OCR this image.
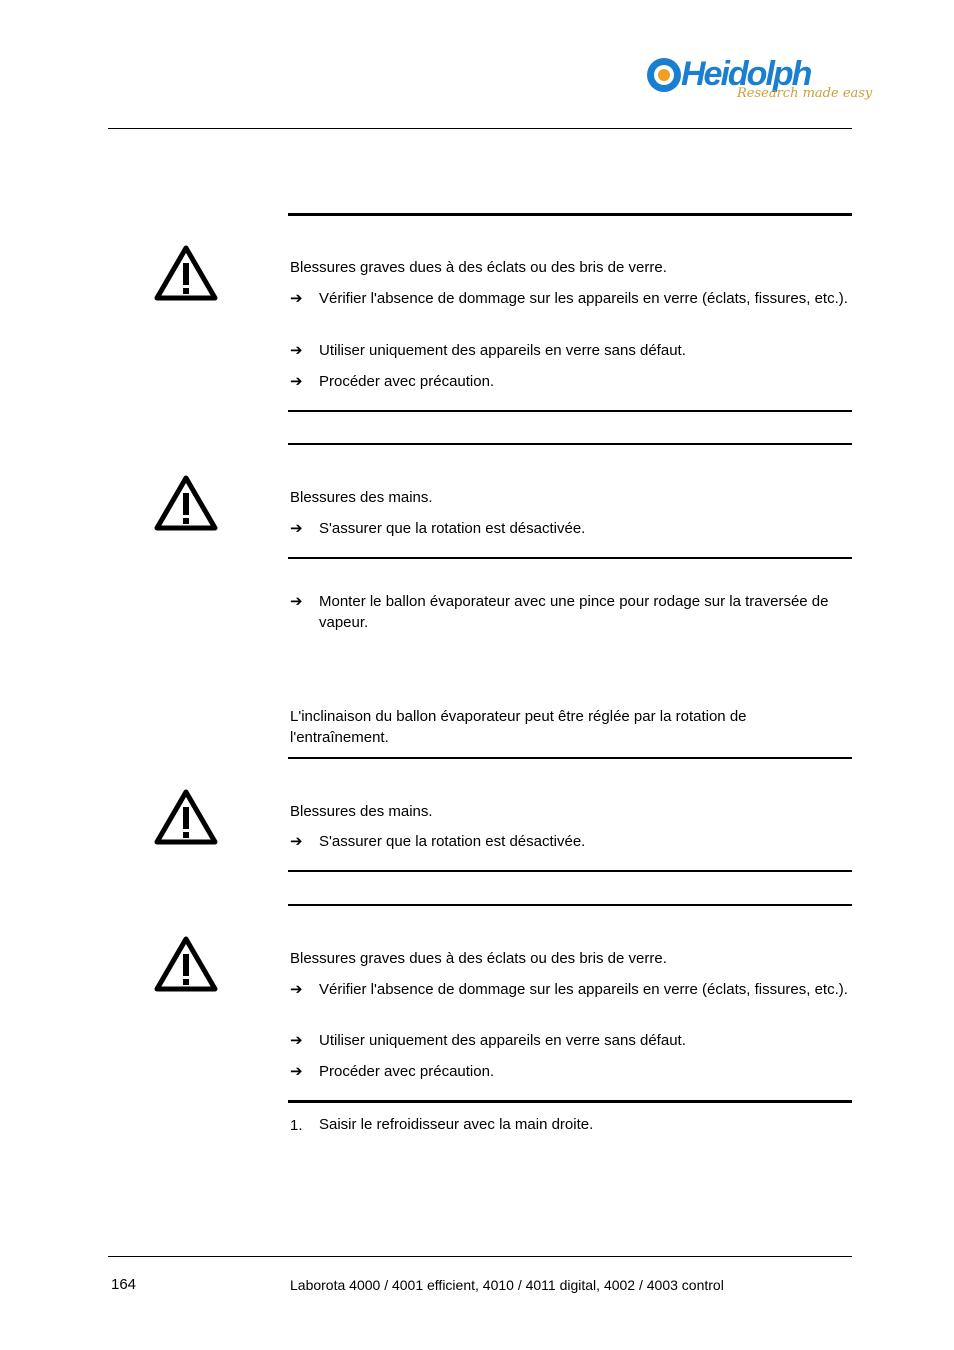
Heidolph
Research made easy
Blessures graves dues à des éclats ou des bris de verre.
➔ Vérifier l'absence de dommage sur les appareils en verre (éclats, fissures, etc.).
➔ Utiliser uniquement des appareils en verre sans défaut.
➔ Procéder avec précaution.
Blessures des mains.
➔ S'assurer que la rotation est désactivée.
➔ Monter le ballon évaporateur avec une pince pour rodage sur la traversée de vapeur.
L'inclinaison du ballon évaporateur peut être réglée par la rotation de l'entraînement.
Blessures des mains.
➔ S'assurer que la rotation est désactivée.
Blessures graves dues à des éclats ou des bris de verre.
➔ Vérifier l'absence de dommage sur les appareils en verre (éclats, fissures, etc.).
➔ Utiliser uniquement des appareils en verre sans défaut.
➔ Procéder avec précaution.
1. Saisir le refroidisseur avec la main droite.
164	Laborota 4000 / 4001 efficient, 4010 / 4011 digital, 4002 / 4003 control
